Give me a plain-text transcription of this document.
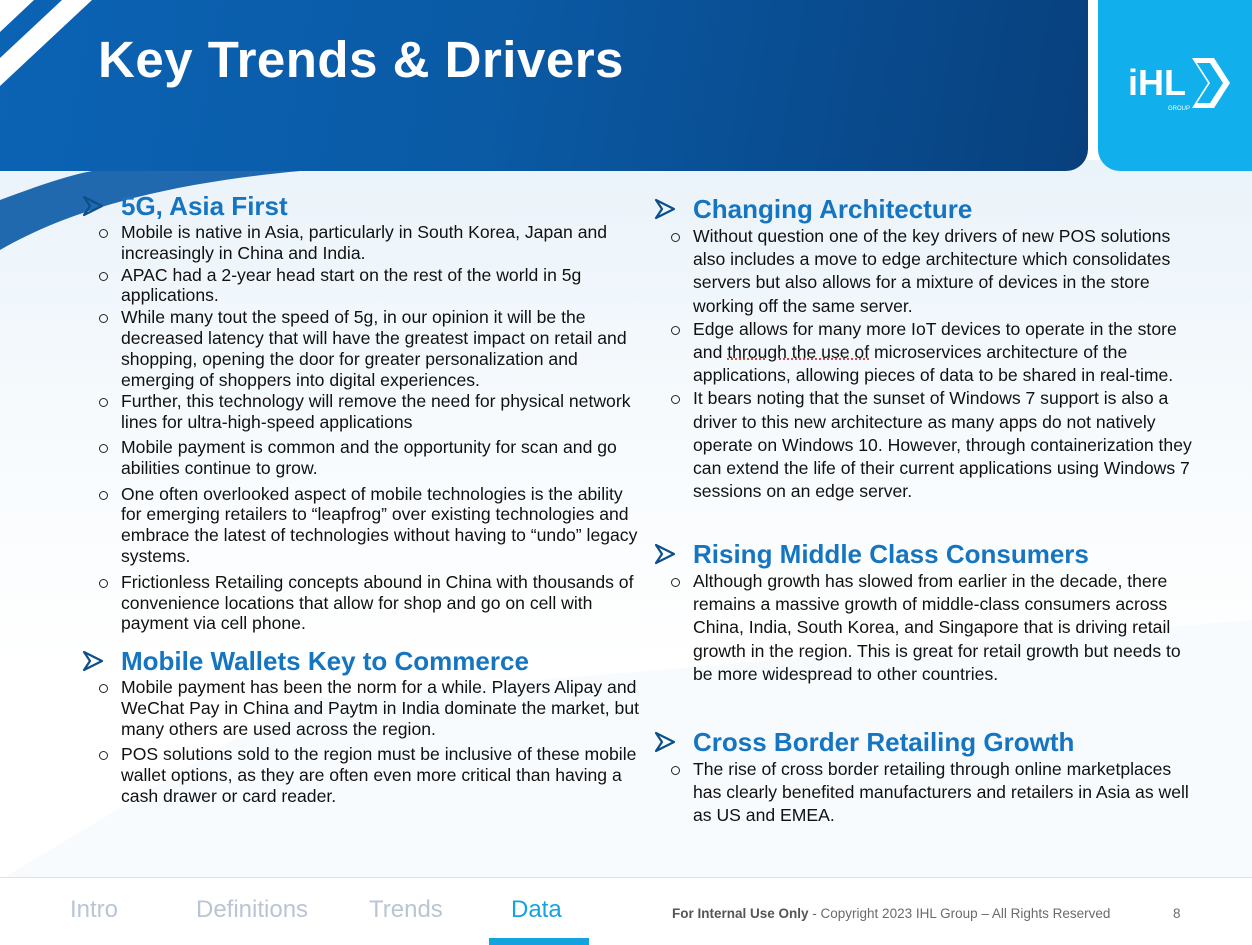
Key Trends & Drivers	iHL
GROUP
5G, Asia First
Mobile is native in Asia, particularly in South Korea, Japan and increasingly in China and India.
APAC had a 2-year head start on the rest of the world in 5g applications.
While many tout the speed of 5g, in our opinion it will be the decreased latency that will have the greatest impact on retail and shopping, opening the door for greater personalization and emerging of shoppers into digital experiences.
Further, this technology will remove the need for physical network lines for ultra-high-speed applications
Mobile payment is common and the opportunity for scan and go abilities continue to grow.
One often overlooked aspect of mobile technologies is the ability for emerging retailers to “leapfrog” over existing technologies and embrace the latest of technologies without having to “undo” legacy systems.
Frictionless Retailing concepts abound in China with thousands of convenience locations that allow for shop and go on cell with payment via cell phone.
Mobile Wallets Key to Commerce
Mobile payment has been the norm for a while. Players Alipay and WeChat Pay in China and Paytm in India dominate the market, but many others are used across the region.
POS solutions sold to the region must be inclusive of these mobile wallet options, as they are often even more critical than having a cash drawer or card reader.
Changing Architecture
Without question one of the key drivers of new POS solutions also includes a move to edge architecture which consolidates servers but also allows for a mixture of devices in the store working off the same server.
Edge allows for many more IoT devices to operate in the store and through the use of microservices architecture of the applications, allowing pieces of data to be shared in real-time.
It bears noting that the sunset of Windows 7 support is also a driver to this new architecture as many apps do not natively operate on Windows 10. However, through containerization they can extend the life of their current applications using Windows 7 sessions on an edge server.
Rising Middle Class Consumers
Although growth has slowed from earlier in the decade, there remains a massive growth of middle-class consumers across China, India, South Korea, and Singapore that is driving retail growth in the region. This is great for retail growth but needs to be more widespread to other countries.
Cross Border Retailing Growth
The rise of cross border retailing through online marketplaces has clearly benefited manufacturers and retailers in Asia as well as US and EMEA.
Intro	Definitions	Trends	Data	For Internal Use Only - Copyright 2023 IHL Group – All Rights Reserved	8
